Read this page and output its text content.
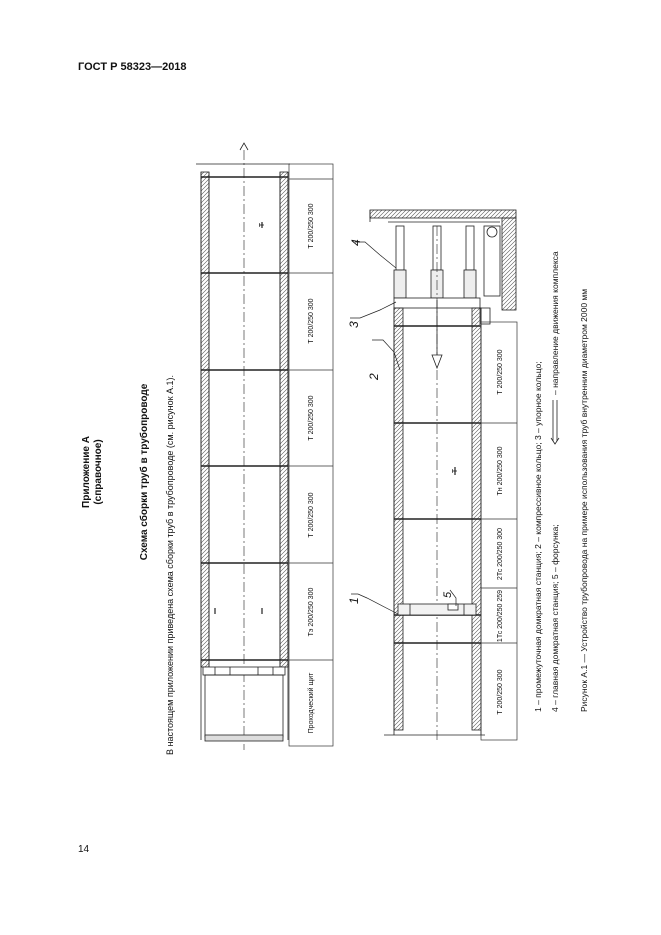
ГОСТ Р 58323—2018
14
Приложение А (справочное)	Схема сборки труб в трубопроводе В настоящем приложении приведена схема сборки труб в трубопроводе (см. рисунок А.1).
Т
Проходческий щит
Тэ 200/250 300
Т 200/250 300
Т 200/250 300
Т 200/250 300
Т 200/250 300
Т
Т 200/250 300
1Тс 200/250 259
2Тс 200/250 300
Тн 200/250 300
Т 200/250 300
1
4
3
2
5	1 – промежуточная домкратная станция; 2 – компрессивное кольцо; 3 – упорное кольцо; 4 – главная домкратная станция; 5 – форсунка;
– направление движения комплекса Рисунок А.1 — Устройство трубопровода на примере использования труб внутренним диаметром 2000 мм
